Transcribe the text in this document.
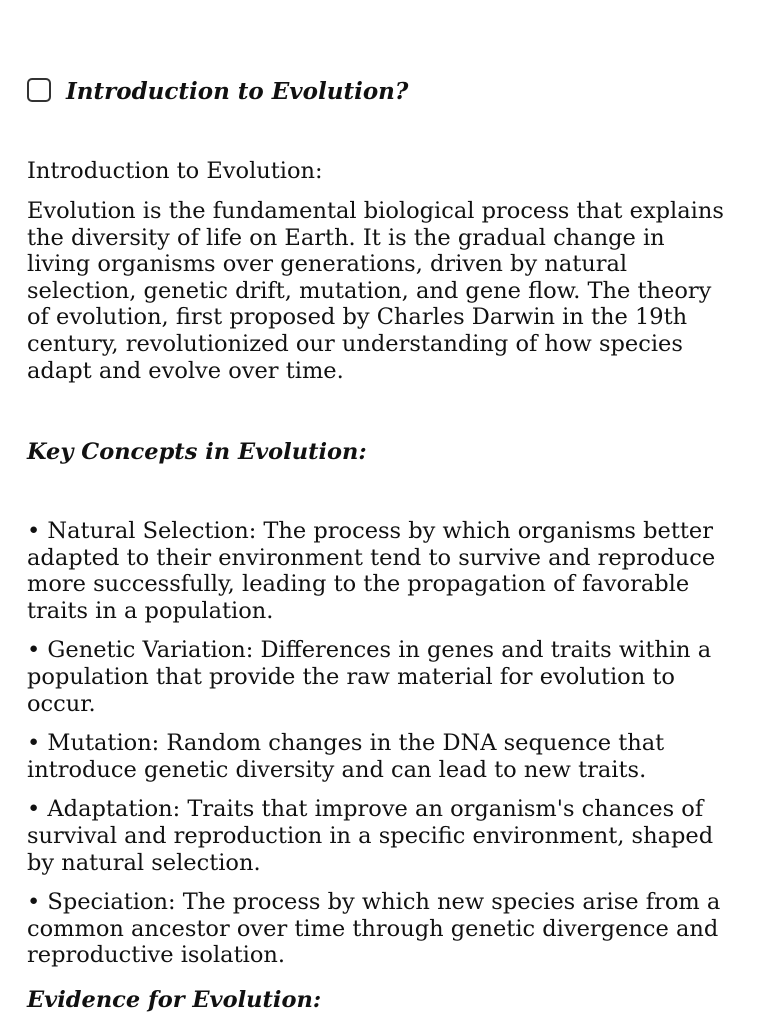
Introduction to Evolution?

Introduction to Evolution:

Evolution is the fundamental biological process that explains the diversity of life on Earth. It is the gradual change in living organisms over generations, driven by natural selection, genetic drift, mutation, and gene flow. The theory of evolution, first proposed by Charles Darwin in the 19th century, revolutionized our understanding of how species adapt and evolve over time.

Key Concepts in Evolution:

• Natural Selection: The process by which organisms better adapted to their environment tend to survive and reproduce more successfully, leading to the propagation of favorable traits in a population.
• Genetic Variation: Differences in genes and traits within a population that provide the raw material for evolution to occur.
• Mutation: Random changes in the DNA sequence that introduce genetic diversity and can lead to new traits.
• Adaptation: Traits that improve an organism's chances of survival and reproduction in a specific environment, shaped by natural selection.
• Speciation: The process by which new species arise from a common ancestor over time through genetic divergence and reproductive isolation.

Evidence for Evolution:
